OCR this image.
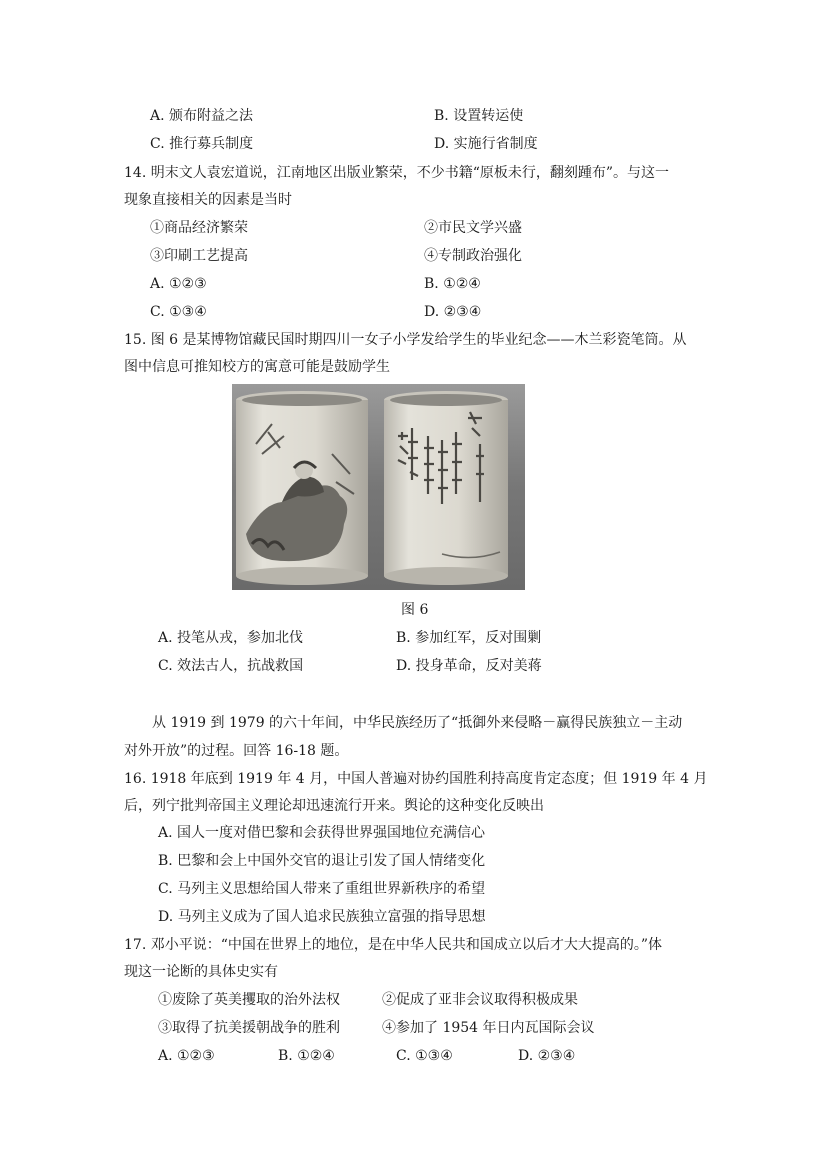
A. 颁布附益之法	B. 设置转运使
C. 推行募兵制度	D. 实施行省制度
14. 明末文人袁宏道说，江南地区出版业繁荣，不少书籍“原板未行，翻刻踵布”。与这一
现象直接相关的因素是当时
①商品经济繁荣	②市民文学兴盛
③印刷工艺提高	④专制政治强化
A. ①②③	B. ①②④
C. ①③④	D. ②③④
15. 图 6 是某博物馆藏民国时期四川一女子小学发给学生的毕业纪念——木兰彩瓷笔筒。从
图中信息可推知校方的寓意可能是鼓励学生
图 6
A. 投笔从戎，参加北伐	B. 参加红军，反对围剿
C. 效法古人，抗战救国	D. 投身革命，反对美蒋
从 1919 到 1979 的六十年间，中华民族经历了“抵御外来侵略－赢得民族独立－主动
对外开放”的过程。回答 16-18 题。
16. 1918 年底到 1919 年 4 月，中国人普遍对协约国胜利持高度肯定态度；但 1919 年 4 月
后，列宁批判帝国主义理论却迅速流行开来。舆论的这种变化反映出
A. 国人一度对借巴黎和会获得世界强国地位充满信心
B. 巴黎和会上中国外交官的退让引发了国人情绪变化
C. 马列主义思想给国人带来了重组世界新秩序的希望
D. 马列主义成为了国人追求民族独立富强的指导思想
17. 邓小平说：“中国在世界上的地位，是在中华人民共和国成立以后才大大提高的。”体
现这一论断的具体史实有
①废除了英美攫取的治外法权	②促成了亚非会议取得积极成果
③取得了抗美援朝战争的胜利	④参加了 1954 年日内瓦国际会议
A. ①②③	B. ①②④	C. ①③④	D. ②③④
